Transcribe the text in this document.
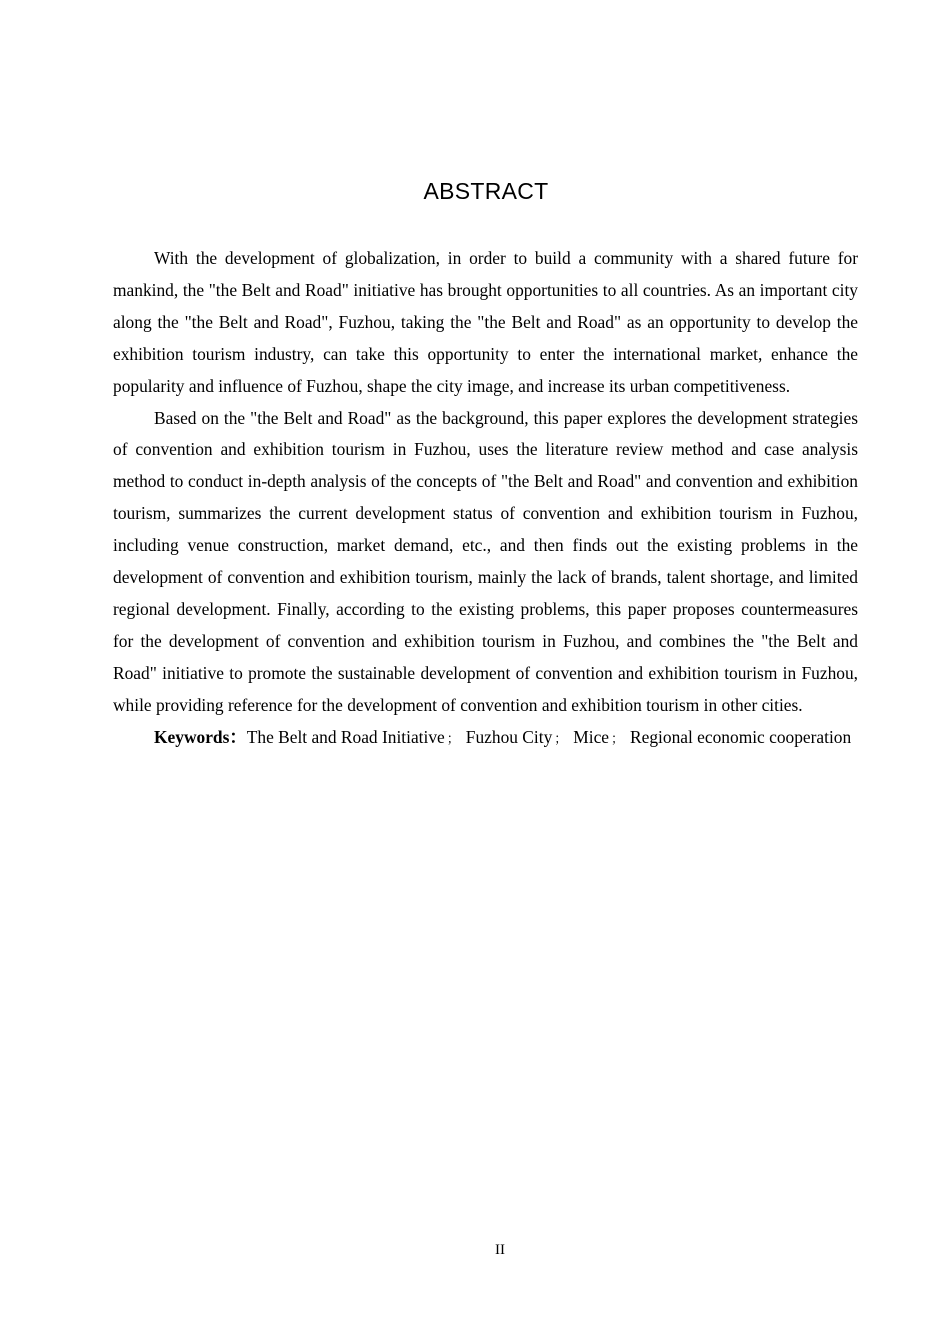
ABSTRACT

With the development of globalization, in order to build a community with a shared future for mankind, the "the Belt and Road" initiative has brought opportunities to all countries. As an important city along the "the Belt and Road", Fuzhou, taking the "the Belt and Road" as an opportunity to develop the exhibition tourism industry, can take this opportunity to enter the international market, enhance the popularity and influence of Fuzhou, shape the city image, and increase its urban competitiveness.

Based on the "the Belt and Road" as the background, this paper explores the development strategies of convention and exhibition tourism in Fuzhou, uses the literature review method and case analysis method to conduct in-depth analysis of the concepts of "the Belt and Road" and convention and exhibition tourism, summarizes the current development status of convention and exhibition tourism in Fuzhou, including venue construction, market demand, etc., and then finds out the existing problems in the development of convention and exhibition tourism, mainly the lack of brands, talent shortage, and limited regional development. Finally, according to the existing problems, this paper proposes countermeasures for the development of convention and exhibition tourism in Fuzhou, and combines the "the Belt and Road" initiative to promote the sustainable development of convention and exhibition tourism in Fuzhou, while providing reference for the development of convention and exhibition tourism in other cities.

Keywords：The Belt and Road Initiative ； Fuzhou City ； Mice ； Regional economic cooperation

II
